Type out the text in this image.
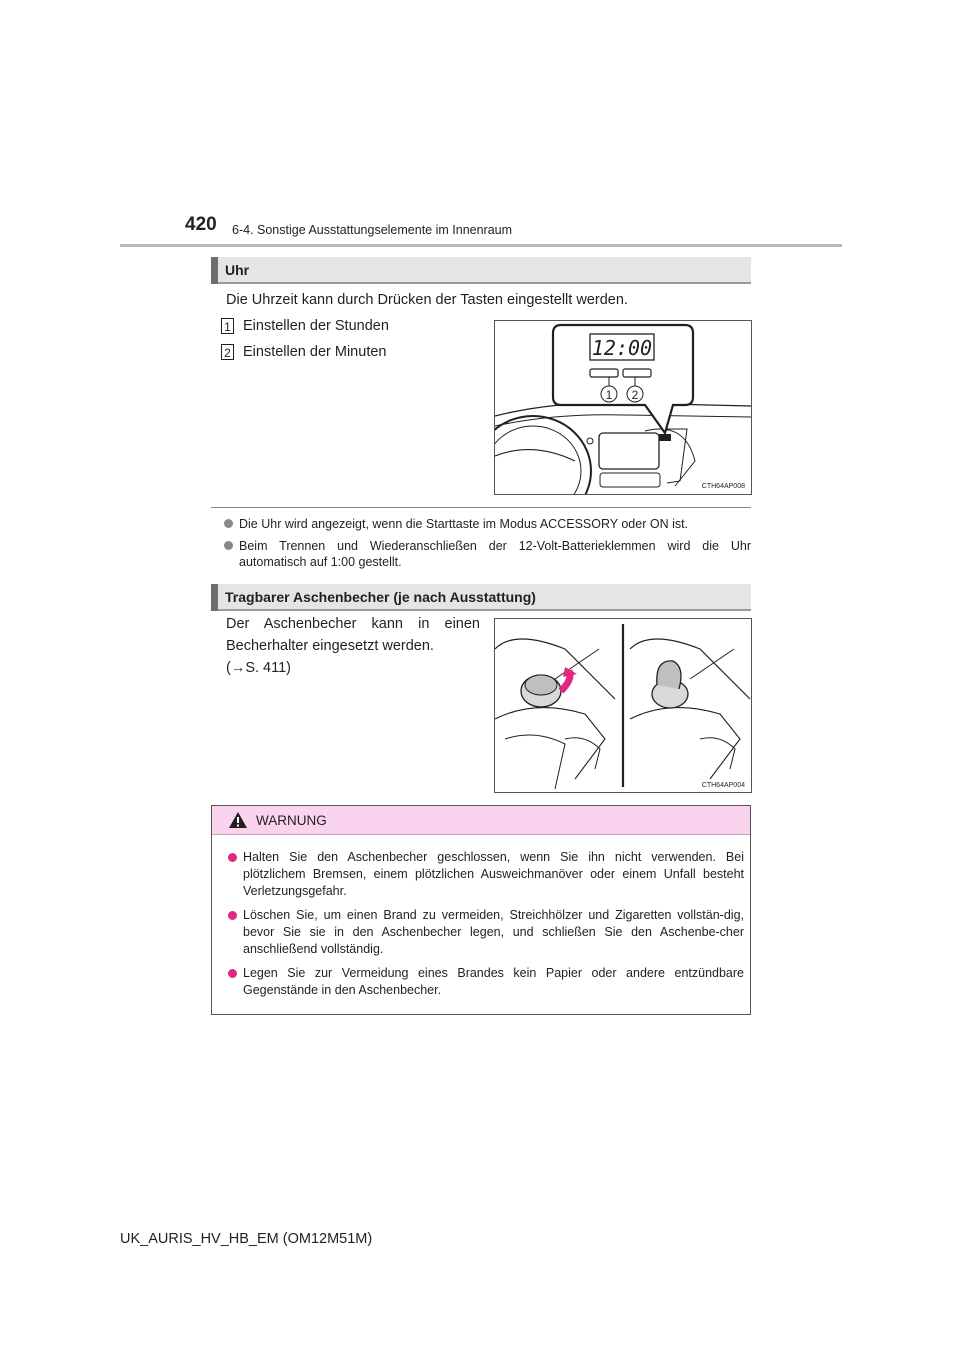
420 6-4. Sonstige Ausstattungselemente im Innenraum
Uhr
Die Uhrzeit kann durch Drücken der Tasten eingestellt werden.
1 Einstellen der Stunden
2 Einstellen der Minuten	12:00
1 2
CTH64AP008
Die Uhr wird angezeigt, wenn die Starttaste im Modus ACCESSORY oder ON ist.
Beim Trennen und Wiederanschließen der 12-Volt-Batterieklemmen wird die Uhr automatisch auf 1:00 gestellt.
Tragbarer Aschenbecher (je nach Ausstattung)
Der Aschenbecher kann in einen
Becherhalter eingesetzt werden.
(→S. 411)
CTH64AP004
WARNUNG
Halten Sie den Aschenbecher geschlossen, wenn Sie ihn nicht verwenden. Bei plötzlichem Bremsen, einem plötzlichen Ausweichmanöver oder einem Unfall besteht Verletzungsgefahr.
Löschen Sie, um einen Brand zu vermeiden, Streichhölzer und Zigaretten vollstän-dig, bevor Sie sie in den Aschenbecher legen, und schließen Sie den Aschenbe-cher anschließend vollständig.
Legen Sie zur Vermeidung eines Brandes kein Papier oder andere entzündbare Gegenstände in den Aschenbecher.
UK_AURIS_HV_HB_EM (OM12M51M)
